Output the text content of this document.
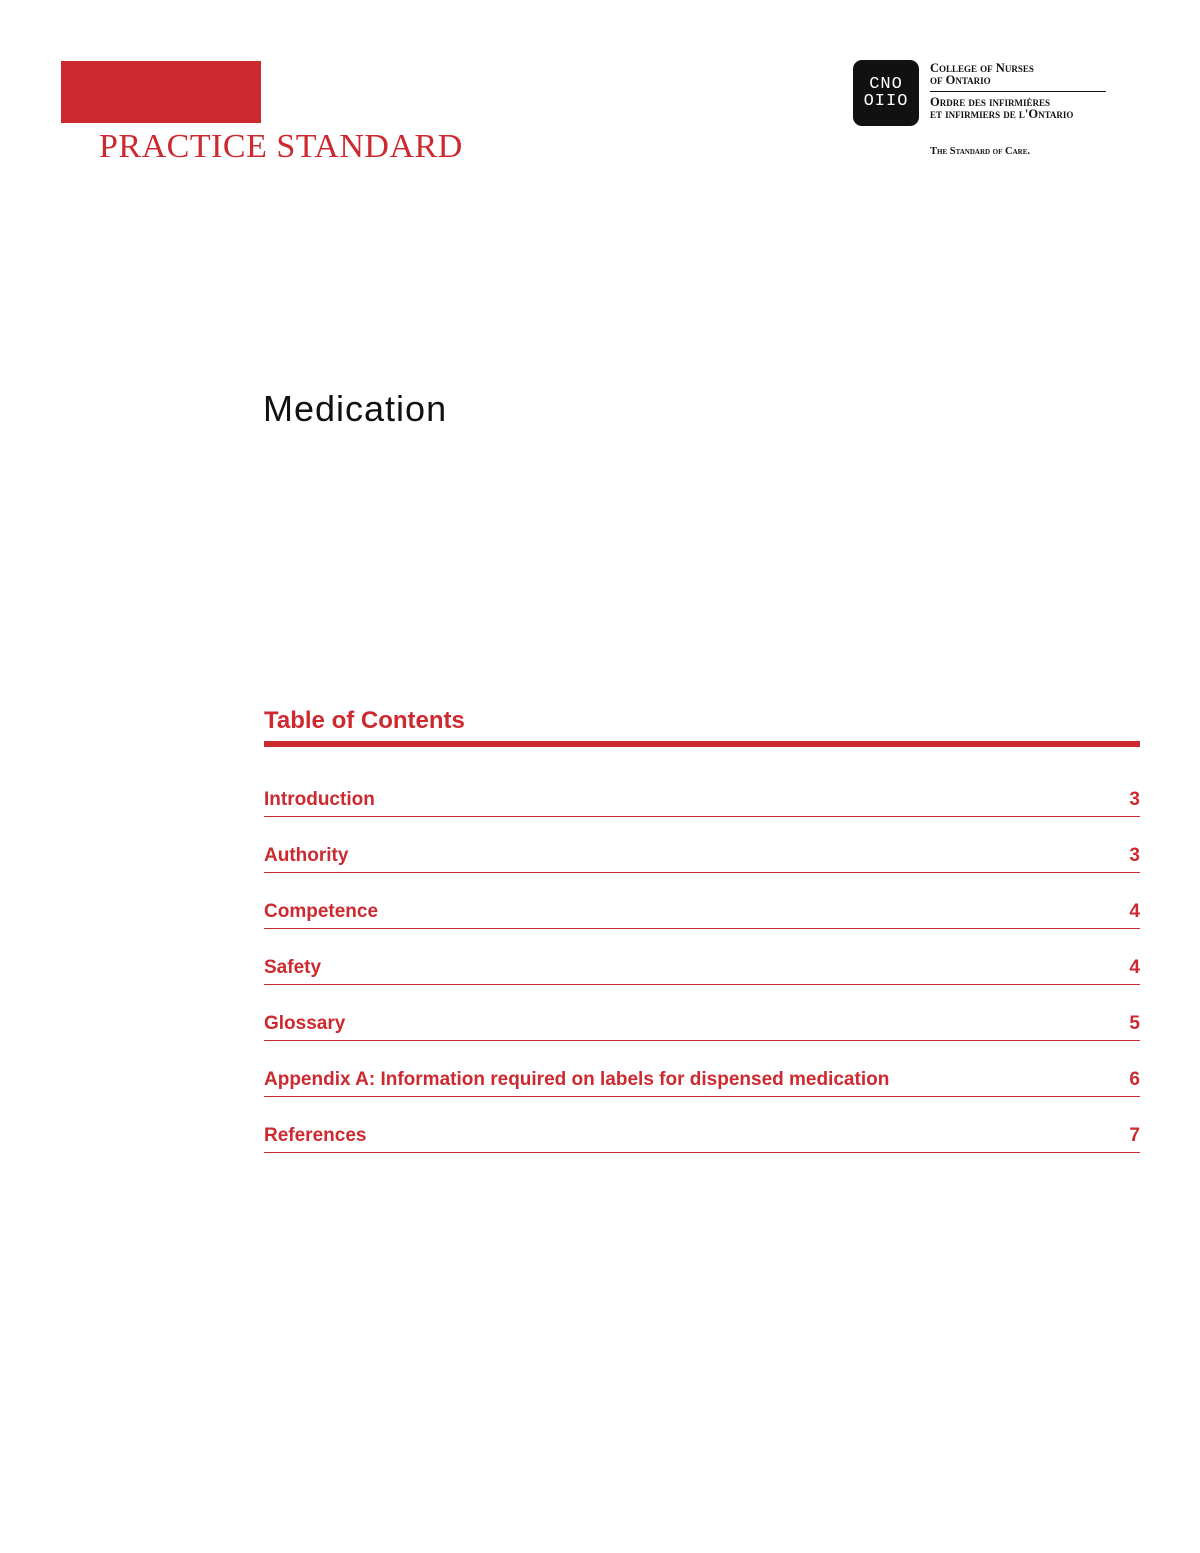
PRACTICE STANDARD
CNO
OIIO
College of Nurses
of Ontario
Ordre des infirmières
et infirmiers de l'Ontario
The Standard of Care.
Medication
Table of Contents
Introduction	3
Authority	3
Competence	4
Safety	4
Glossary	5
Appendix A: Information required on labels for dispensed medication	6
References	7
